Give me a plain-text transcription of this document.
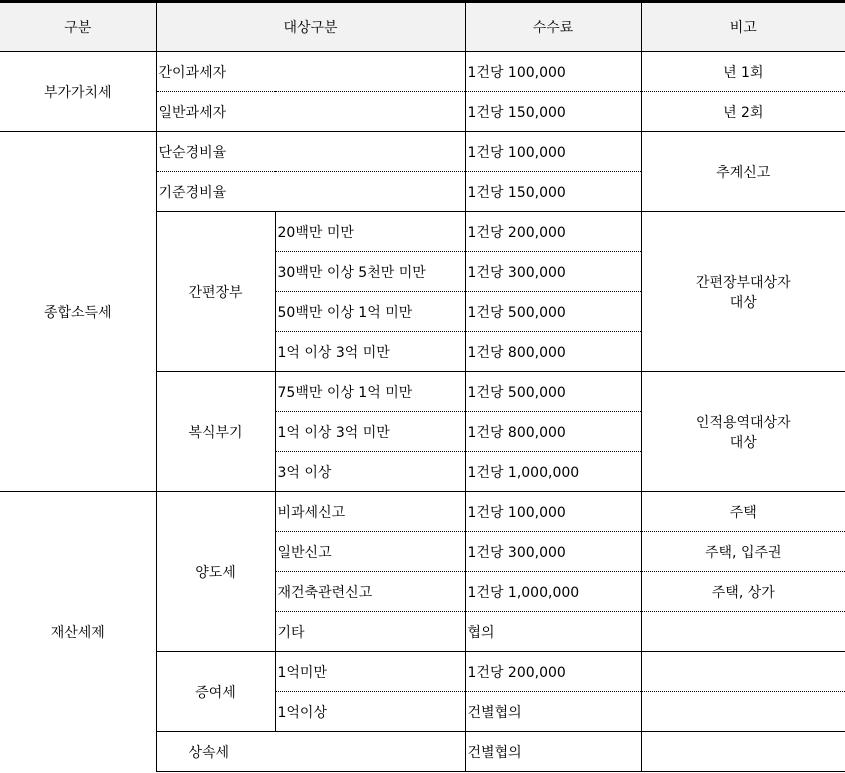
구분	대상구분		수수료	비고
부가가치세	간이과세자		1건당 100,000	년 1회
	일반과세자		1건당 150,000	년 2회
종합소득세	단순경비율		1건당 100,000	추계신고
	기준경비율		1건당 150,000	
	간편장부	20백만 미만	1건당 200,000	간편장부대상자
대상

		30백만 이상 5천만 미만	1건당 300,000	
		50백만 이상 1억 미만	1건당 500,000	
		1억 이상 3억 미만	1건당 800,000	
	복식부기	75백만 이상 1억 미만	1건당 500,000	인적용역대상자
대상

		1억 이상 3억 미만	1건당 800,000	
		3억 이상	1건당 1,000,000	
재산세제	양도세	비과세신고	1건당 100,000	주택
		일반신고	1건당 300,000	주택, 입주권
		재건축관련신고	1건당 1,000,000	주택, 상가
		기타	협의	
	증여세	1억미만	1건당 200,000	
		1억이상	건별협의	
	상속세		건별협의	
